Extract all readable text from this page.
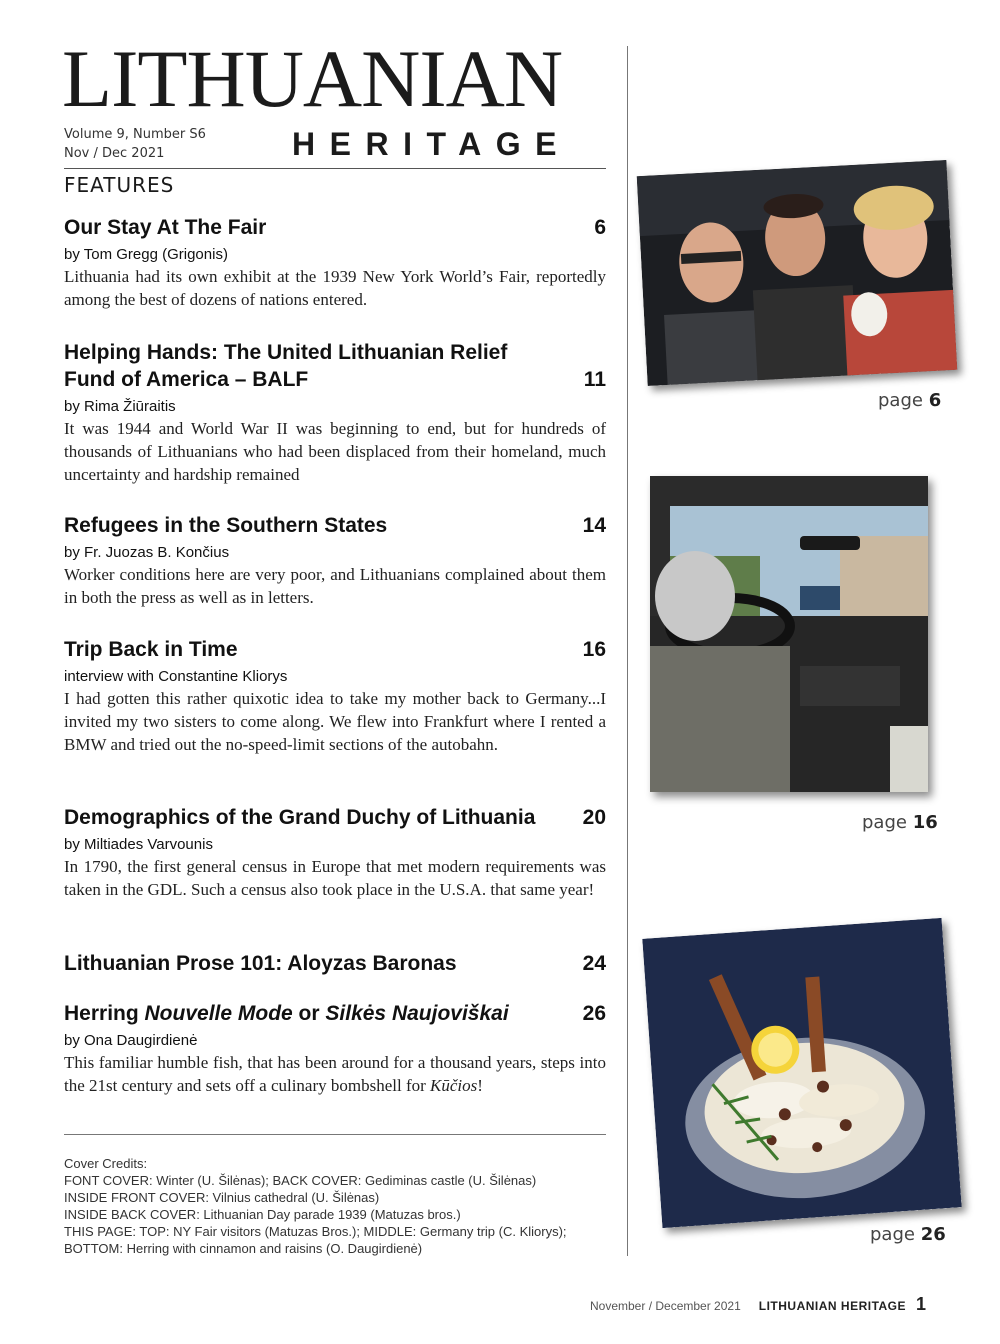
LITHUANIAN
HERITAGE
Volume 9, Number S6
Nov / Dec 2021
FEATURES
Our Stay At The Fair	6
by Tom Gregg (Grigonis)

Lithuania had its own exhibit at the 1939 New York World’s Fair, reportedly among the best of dozens of nations entered.

Helping Hands: The United Lithuanian Relief Fund of America – BALF	11
by Rima Žiūraitis

It was 1944 and World War II was beginning to end, but for hundreds of thousands of Lithuanians who had been displaced from their homeland, much uncertainty and hardship remained

Refugees in the Southern States	14
by Fr. Juozas B. Končius

Worker conditions here are very poor, and Lithuanians complained about them in both the press as well as in letters.

Trip Back in Time	16
interview with Constantine Kliorys

I had gotten this rather quixotic idea to take my mother back to Germany...I invited my two sisters to come along. We flew into Frankfurt where I rented a BMW and tried out the no-speed-limit sections of the autobahn.

Demographics of the Grand Duchy of Lithuania 20
by Miltiades Varvounis

In 1790, the first general census in Europe that met modern requirements was taken in the GDL. Such a census also took place in the U.S.A. that same year!

Lithuanian Prose 101: Aloyzas Baronas	24
Herring Nouvelle Mode or Silkės Naujoviškai	26
by Ona Daugirdienė

This familiar humble fish, that has been around for a thousand years, steps into the 21st century and sets off a culinary bombshell for Kūčios!

Cover Credits:
FONT COVER: Winter (U. Šilėnas); BACK COVER: Gediminas castle (U. Šilėnas)
INSIDE FRONT COVER: Vilnius cathedral (U. Šilėnas)
INSIDE BACK COVER: Lithuanian Day parade 1939 (Matuzas bros.)
THIS PAGE: TOP: NY Fair visitors (Matuzas Bros.); MIDDLE: Germany trip (C. Kliorys); BOTTOM: Herring with cinnamon and raisins (O. Daugirdienė)
page 6
page 16
page 26
November / December 2021 LITHUANIAN HERITAGE 1
